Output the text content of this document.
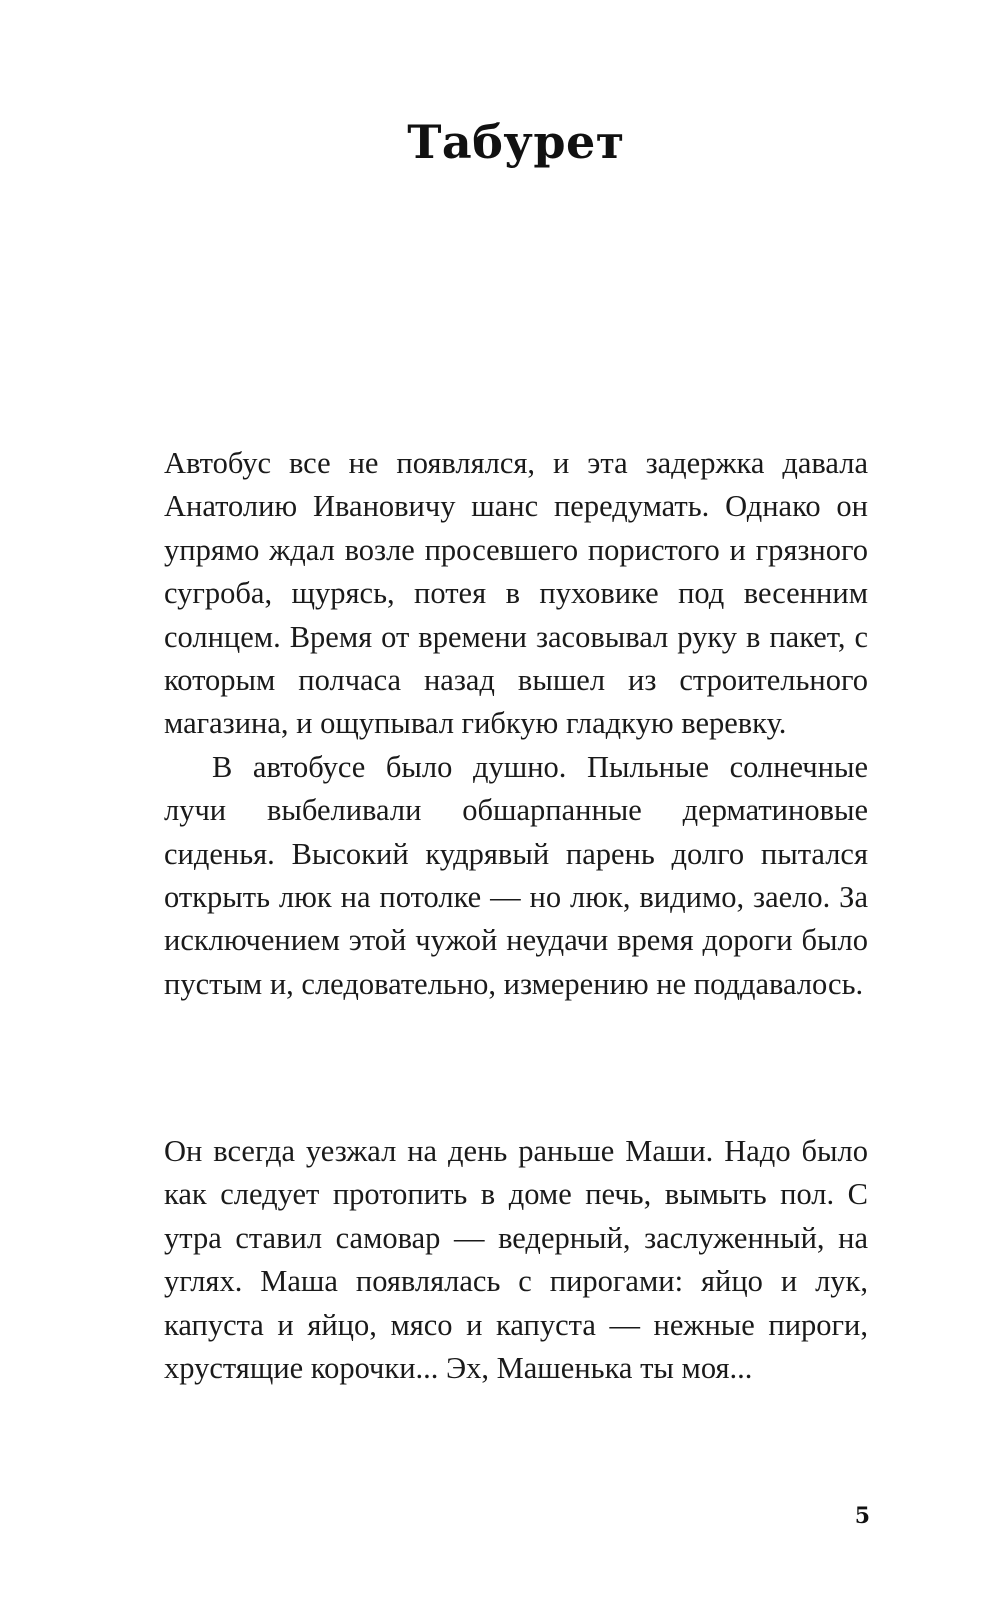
Табурет

Автобус все не появлялся, и эта задержка давала Анатолию Ивановичу шанс передумать. Однако он упрямо ждал возле просевшего пористого и грязного сугроба, щурясь, потея в пуховике под весенним солнцем. Время от времени засовывал руку в пакет, с которым полчаса назад вышел из строительного магазина, и ощупывал гибкую гладкую веревку.

В автобусе было душно. Пыльные солнечные лучи выбеливали обшарпанные дерматиновые сиденья. Высокий кудрявый парень долго пытался открыть люк на потолке — но люк, видимо, заело. За исключением этой чужой неудачи время дороги было пустым и, следовательно, измерению не поддавалось.

Он всегда уезжал на день раньше Маши. Надо было как следует протопить в доме печь, вымыть пол. С утра ставил самовар — ведерный, заслуженный, на углях. Маша появлялась с пирогами: яйцо и лук, капуста и яйцо, мясо и капуста — нежные пироги, хрустящие корочки... Эх, Машенька ты моя...

5
